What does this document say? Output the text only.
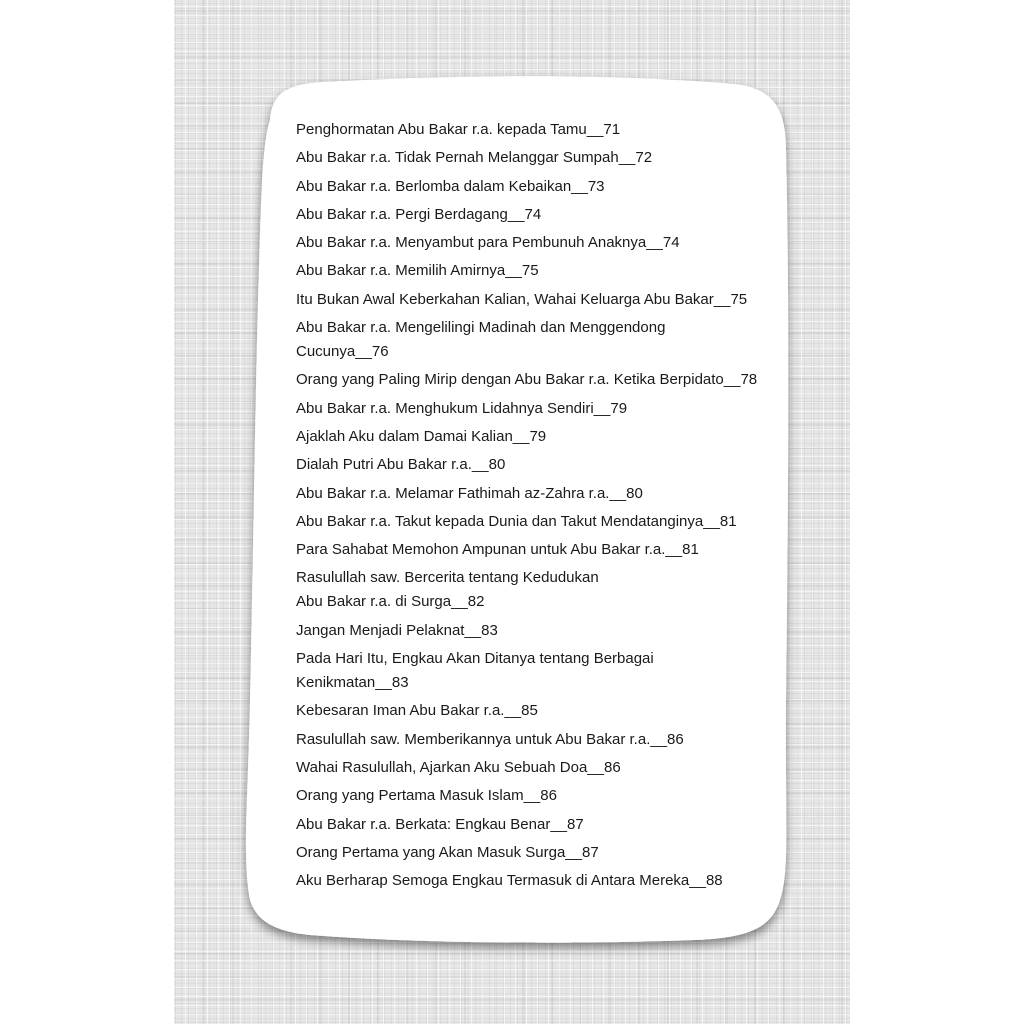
Penghormatan Abu Bakar r.a. kepada Tamu__71
Abu Bakar r.a. Tidak Pernah Melanggar Sumpah__72
Abu Bakar r.a. Berlomba dalam Kebaikan__73
Abu Bakar r.a. Pergi Berdagang__74
Abu Bakar r.a. Menyambut para Pembunuh Anaknya__74
Abu Bakar r.a. Memilih Amirnya__75
Itu Bukan Awal Keberkahan Kalian, Wahai Keluarga Abu Bakar__75
Abu Bakar r.a. Mengelilingi Madinah dan Menggendong
Cucunya__76
Orang yang Paling Mirip dengan Abu Bakar r.a. Ketika Berpidato__78
Abu Bakar r.a. Menghukum Lidahnya Sendiri__79
Ajaklah Aku dalam Damai Kalian__79
Dialah Putri Abu Bakar r.a.__80
Abu Bakar r.a. Melamar Fathimah az-Zahra r.a.__80
Abu Bakar r.a. Takut kepada Dunia dan Takut Mendatanginya__81
Para Sahabat Memohon Ampunan untuk Abu Bakar r.a.__81
Rasulullah saw. Bercerita tentang Kedudukan
Abu Bakar r.a. di Surga__82
Jangan Menjadi Pelaknat__83
Pada Hari Itu, Engkau Akan Ditanya tentang Berbagai
Kenikmatan__83
Kebesaran Iman Abu Bakar r.a.__85
Rasulullah saw. Memberikannya untuk Abu Bakar r.a.__86
Wahai Rasulullah, Ajarkan Aku Sebuah Doa__86
Orang yang Pertama Masuk Islam__86
Abu Bakar r.a. Berkata: Engkau Benar__87
Orang Pertama yang Akan Masuk Surga__87
Aku Berharap Semoga Engkau Termasuk di Antara Mereka__88
